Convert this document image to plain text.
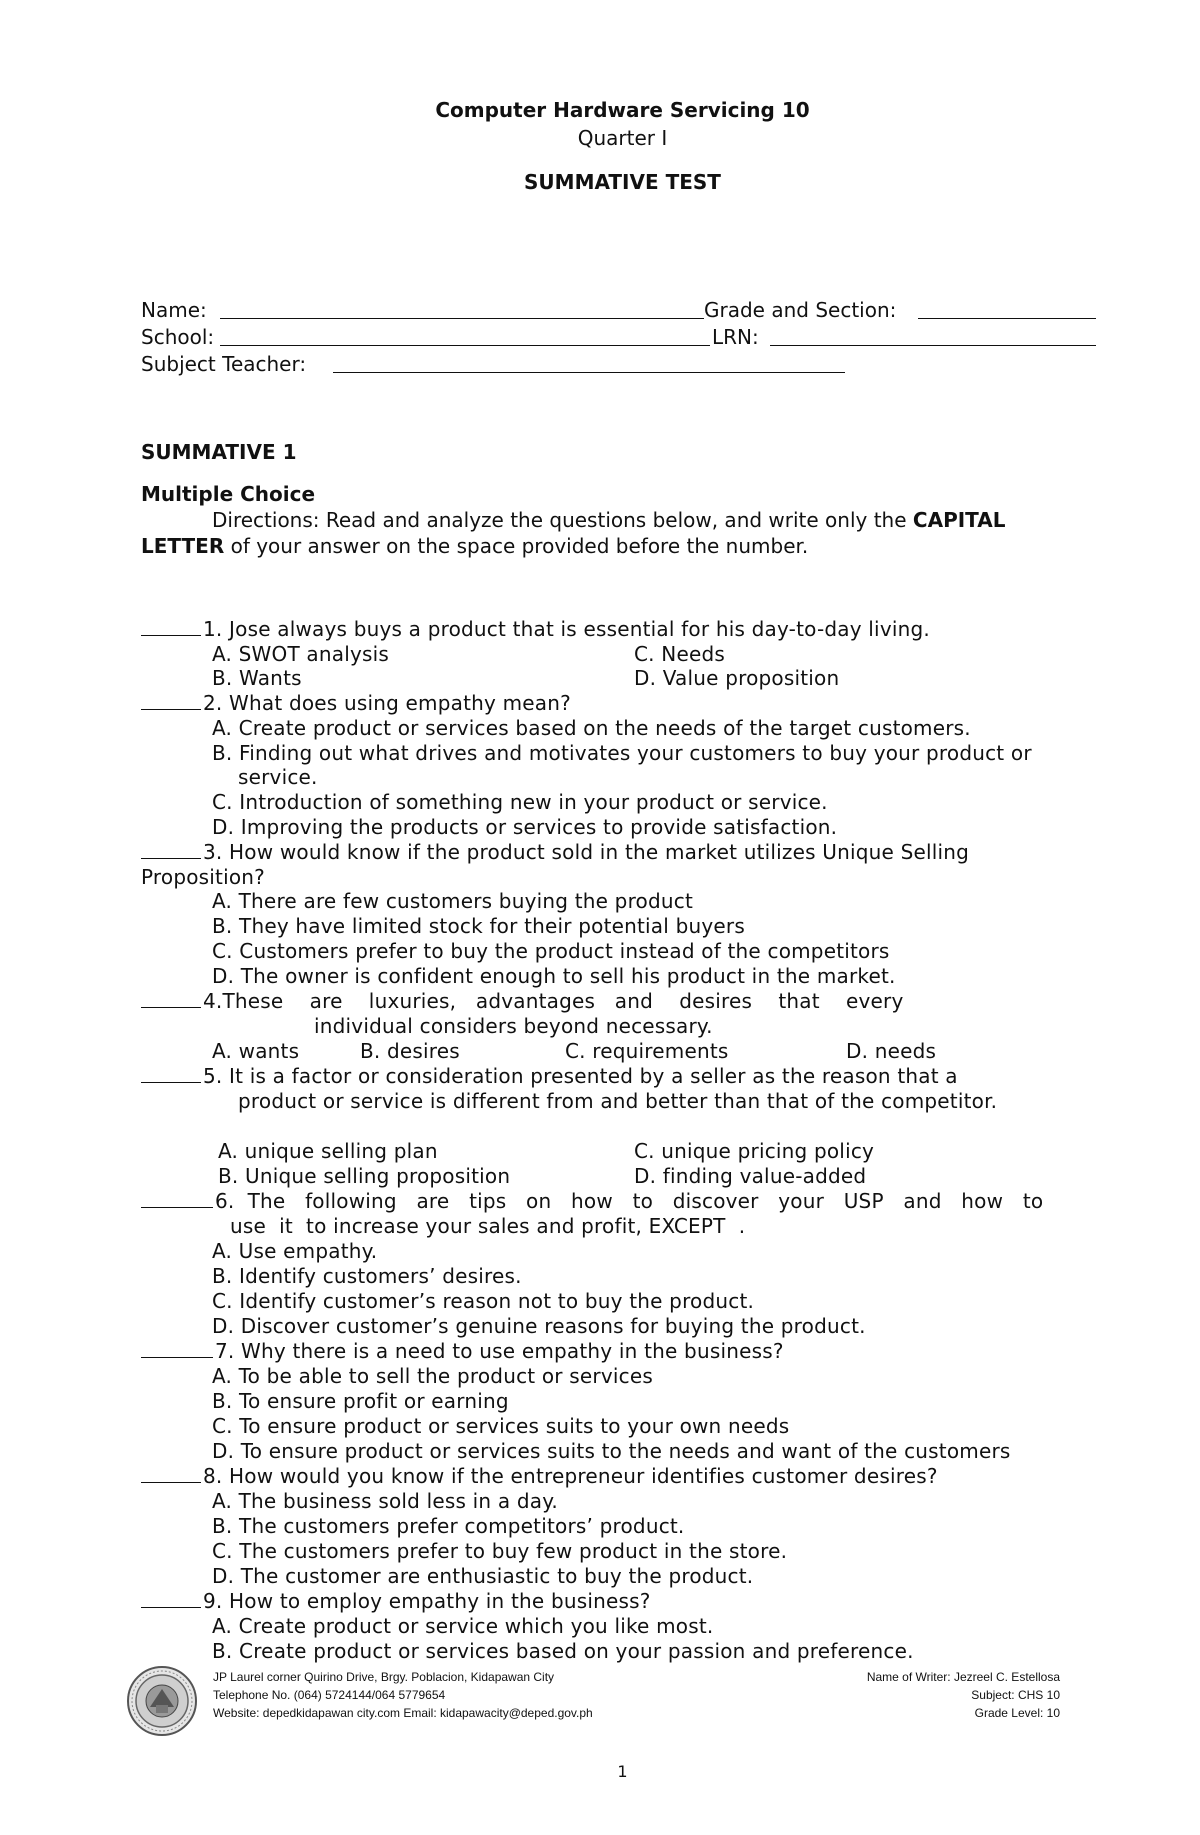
Computer Hardware Servicing 10
Quarter I
SUMMATIVE TEST
Name:	Grade and Section:
School:	LRN:
Subject Teacher:
SUMMATIVE 1
Multiple Choice
Directions: Read and analyze the questions below, and write only the CAPITAL
LETTER of your answer on the space provided before the number.
1. Jose always buys a product that is essential for his day-to-day living.
A. SWOT analysis	C. Needs
B. Wants	D. Value proposition
2. What does using empathy mean?
A. Create product or services based on the needs of the target customers.
B. Finding out what drives and motivates your customers to buy your product or
service.
C. Introduction of something new in your product or service.
D. Improving the products or services to provide satisfaction.
3. How would know if the product sold in the market utilizes Unique Selling
Proposition?
A. There are few customers buying the product
B. They have limited stock for their potential buyers
C. Customers prefer to buy the product instead of the competitors
D. The owner is confident enough to sell his product in the market.
4.These    are    luxuries,   advantages   and    desires    that    every
individual considers beyond necessary.
A. wants	B. desires	C. requirements	D. needs
5. It is a factor or consideration presented by a seller as the reason that a
product or service is different from and better than that of the competitor.
A. unique selling plan	C. unique pricing policy
B. Unique selling proposition	D. finding value-added
6.  The   following   are   tips   on   how   to   discover   your   USP   and   how   to
use  it  to increase your sales and profit, EXCEPT  .
A. Use empathy.
B. Identify customers’ desires.
C. Identify customer’s reason not to buy the product.
D. Discover customer’s genuine reasons for buying the product.
7. Why there is a need to use empathy in the business?
A. To be able to sell the product or services
B. To ensure profit or earning
C. To ensure product or services suits to your own needs
D. To ensure product or services suits to the needs and want of the customers
8. How would you know if the entrepreneur identifies customer desires?
A. The business sold less in a day.
B. The customers prefer competitors’ product.
C. The customers prefer to buy few product in the store.
D. The customer are enthusiastic to buy the product.
9. How to employ empathy in the business?
A. Create product or service which you like most.
B. Create product or services based on your passion and preference.
JP Laurel corner Quirino Drive, Brgy. Poblacion, Kidapawan City
Telephone No. (064) 5724144/064 5779654
Website: depedkidapawan city.com Email: kidapawacity@deped.gov.ph
Name of Writer: Jezreel C. Estellosa
Subject: CHS 10
Grade Level: 10
1
